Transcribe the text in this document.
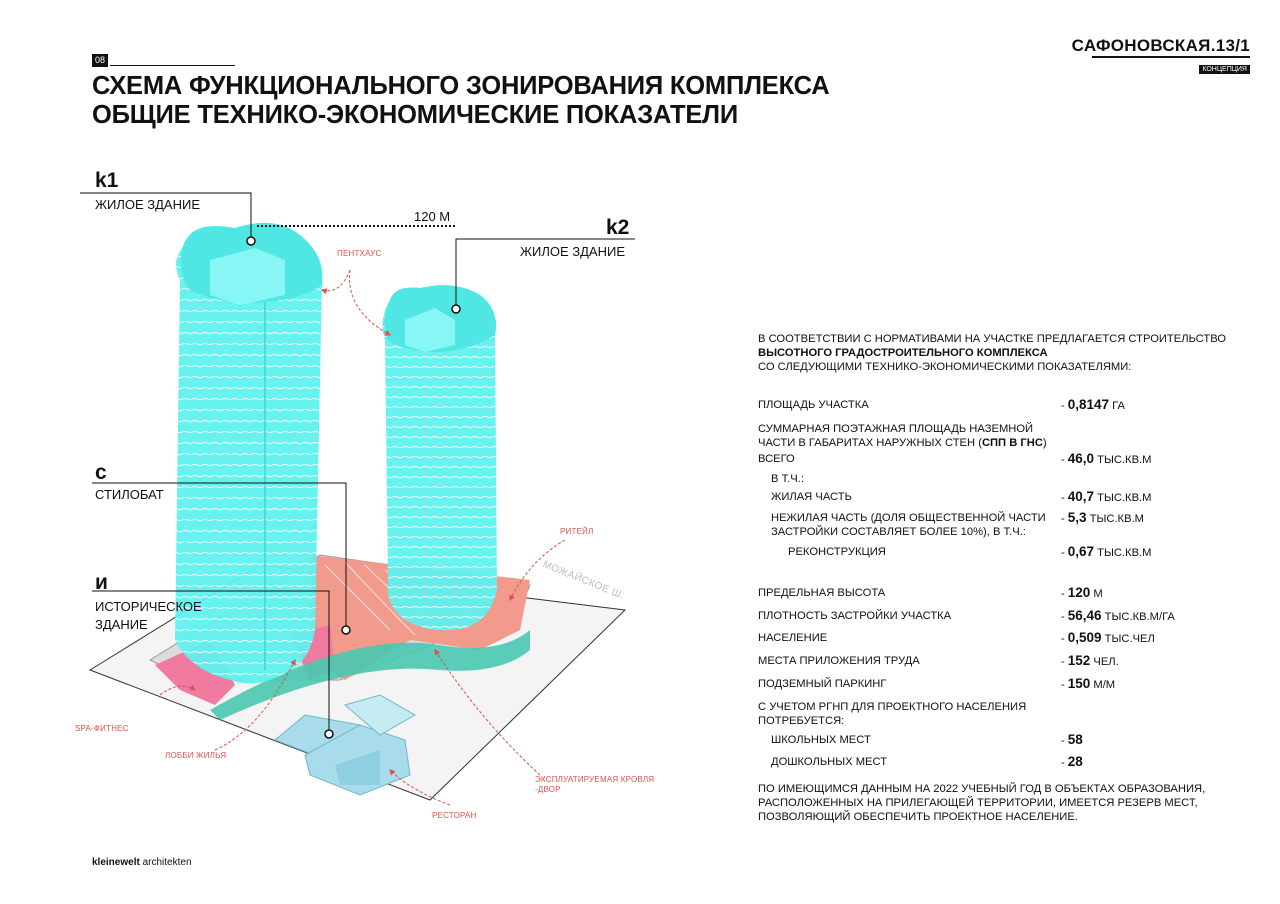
08
СХЕМА ФУНКЦИОНАЛЬНОГО ЗОНИРОВАНИЯ КОМПЛЕКСА
ОБЩИЕ ТЕХНИКО-ЭКОНОМИЧЕСКИЕ ПОКАЗАТЕЛИ
САФОНОВСКАЯ.13/1
КОНЦЕПЦИЯ
k1
ЖИЛОЕ ЗДАНИЕ
k2
ЖИЛОЕ ЗДАНИЕ
c
СТИЛОБАТ
и
ИСТОРИЧЕСКОЕ
ЗДАНИЕ
120 М
ПЕНТХАУС
РИТЕЙЛ
SPA-ФИТНЕС
ЛОББИ ЖИЛЬЯ
ЭКСПЛУАТИРУЕМАЯ КРОВЛЯ
-ДВОР
РЕСТОРАН
МОЖАЙСКОЕ Ш.
В СООТВЕТСТВИИ С НОРМАТИВАМИ НА УЧАСТКЕ ПРЕДЛАГАЕТСЯ СТРОИТЕЛЬСТВО
ВЫСОТНОГО ГРАДОСТРОИТЕЛЬНОГО КОМПЛЕКСА
СО СЛЕДУЮЩИМИ ТЕХНИКО-ЭКОНОМИЧЕСКИМИ ПОКАЗАТЕЛЯМИ:
ПЛОЩАДЬ УЧАСТКА	- 0,8147 ГА
СУММАРНАЯ ПОЭТАЖНАЯ ПЛОЩАДЬ НАЗЕМНОЙ
ЧАСТИ В ГАБАРИТАХ НАРУЖНЫХ СТЕН (СПП В ГНС)
ВСЕГО	- 46,0 ТЫС.КВ.М
В Т.Ч.:
ЖИЛАЯ ЧАСТЬ	- 40,7 ТЫС.КВ.М
НЕЖИЛАЯ ЧАСТЬ (ДОЛЯ ОБЩЕСТВЕННОЙ ЧАСТИ
ЗАСТРОЙКИ СОСТАВЛЯЕТ БОЛЕЕ 10%), В Т.Ч.:
- 5,3 ТЫС.КВ.М
РЕКОНСТРУКЦИЯ	- 0,67 ТЫС.КВ.М
ПРЕДЕЛЬНАЯ ВЫСОТА	- 120 М
ПЛОТНОСТЬ ЗАСТРОЙКИ УЧАСТКА	- 56,46 ТЫС.КВ.М/ГА
НАСЕЛЕНИЕ	- 0,509 ТЫС.ЧЕЛ
МЕСТА ПРИЛОЖЕНИЯ ТРУДА	- 152 ЧЕЛ.
ПОДЗЕМНЫЙ ПАРКИНГ	- 150 М/М
С УЧЕТОМ РГНП ДЛЯ ПРОЕКТНОГО НАСЕЛЕНИЯ
ПОТРЕБУЕТСЯ:
ШКОЛЬНЫХ МЕСТ	- 58
ДОШКОЛЬНЫХ МЕСТ	- 28
ПО ИМЕЮЩИМСЯ ДАННЫМ НА 2022 УЧЕБНЫЙ ГОД В ОБЪЕКТАХ ОБРАЗОВАНИЯ,
РАСПОЛОЖЕННЫХ НА ПРИЛЕГАЮЩЕЙ ТЕРРИТОРИИ, ИМЕЕТСЯ РЕЗЕРВ МЕСТ,
ПОЗВОЛЯЮЩИЙ ОБЕСПЕЧИТЬ ПРОЕКТНОЕ НАСЕЛЕНИЕ.
kleinewelt architekten
